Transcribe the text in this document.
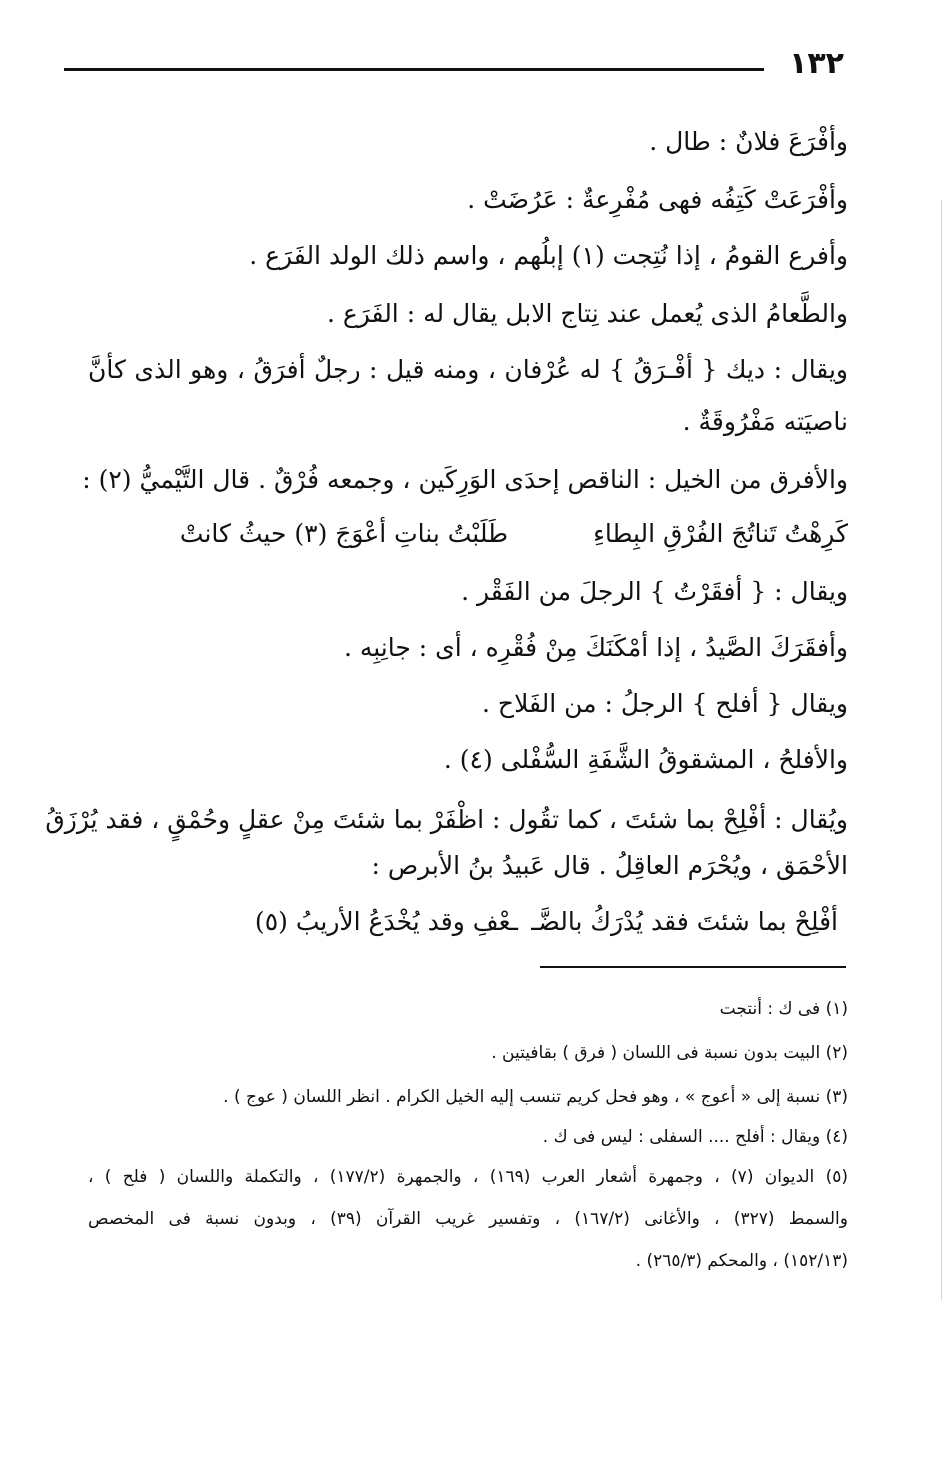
١٣٢
وأفْرَعَ فلانٌ : طال .
وأفْرَعَتْ كَتِفُه فهى مُفْرِعةٌ : عَرُضَتْ .
وأفرع القومُ ، إذا نُتِجت (١) إبلُهم ، واسم ذلك الولد الفَرَع .
والطَّعامُ الذى يُعمل عند نِتاج الابل يقال له : الفَرَع .
ويقال : ديك { أفْـرَقُ } له عُرْفان ، ومنه قيل : رجلٌ أفرَقُ ، وهو الذى كأنَّ
ناصيَته مَفْرُوقَةٌ .
والأفرق من الخيل : الناقص إحدَى الوَرِكَين ، وجمعه فُرْقٌ . قال التَّيْميُّ (٢) :
كَرِهْتُ تَناتُجَ الفُرْقِ البِطاءِ
طَلَبْتُ بناتِ أعْوَجَ (٣) حيثُ كانتْ
ويقال : { أفقَرْتُ } الرجلَ من الفَقْر .
وأفقَرَكَ الصَّيدُ ، إذا أمْكَنَكَ مِنْ فُقْرِه ، أى : جانِبِه .
ويقال { أفلح } الرجلُ : من الفَلاح .
والأفلحُ ، المشقوقُ الشَّفَةِ السُّفْلى (٤) .
ويُقال : أفْلِحْ بما شئتَ ، كما تقُول : اظْفَرْ بما شئتَ مِنْ عقلٍ وحُمْقٍ ، فقد يُرْزَقُ
الأحْمَق ، ويُحْرَم العاقِلُ . قال عَبيدُ بنُ الأبرص :
أفْلِحْ بما شئتَ فقد يُدْرَكُ بالضَّـ
ـعْفِ وقد يُخْدَعُ الأريبُ (٥)
(١) فى ك : أنتجت
(٢) البيت بدون نسبة فى اللسان ( فرق ) بقافيتين .
(٣) نسبة إلى « أعوج » ، وهو فحل كريم تنسب إليه الخيل الكرام . انظر اللسان ( عوج ) .
(٤) ويقال : أفلح .... السفلى : ليس فى ك .
(٥) الديوان (٧) ، وجمهرة أشعار العرب (١٦٩) ، والجمهرة (١٧٧/٢) ، والتكملة واللسان ( فلح ) ،
والسمط (٣٢٧) ، والأغانى (١٦٧/٢) ، وتفسير غريب القرآن (٣٩) ، وبدون نسبة فى المخصص
(١٥٢/١٣) ، والمحكم (٢٦٥/٣) .
